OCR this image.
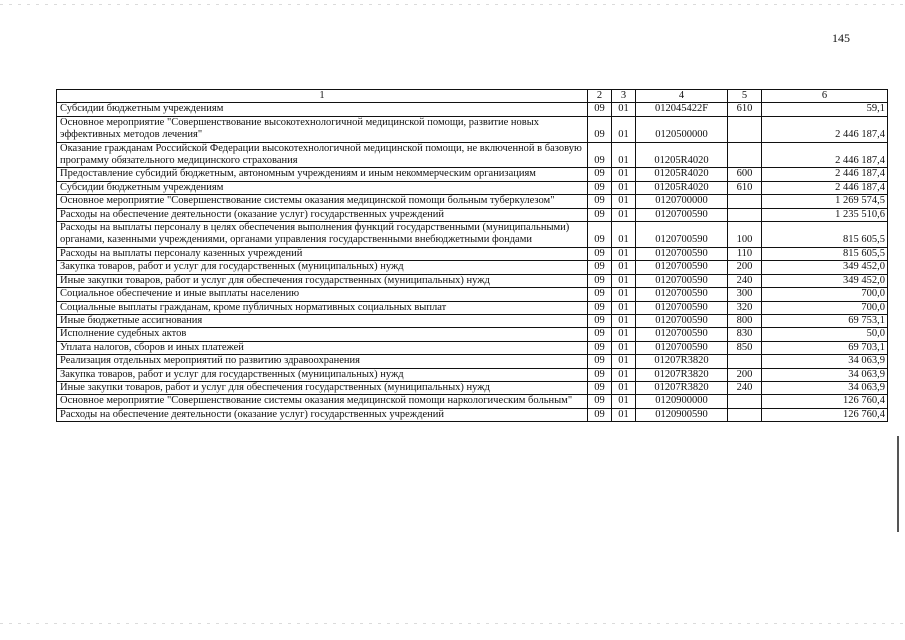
145
1	2	3	4	5	6
Субсидии бюджетным учреждениям	09	01	012045422F	610	59,1
Основное мероприятие "Совершенствование высокотехнологичной медицинской помощи, развитие новых эффективных методов лечения"	09	01	0120500000		2 446 187,4
Оказание гражданам Российской Федерации высокотехнологичной медицинской помощи, не включенной в базовую программу обязательного медицинского страхования	09	01	01205R4020		2 446 187,4
Предоставление субсидий бюджетным, автономным учреждениям и иным некоммерческим организациям	09	01	01205R4020	600	2 446 187,4
Субсидии бюджетным учреждениям	09	01	01205R4020	610	2 446 187,4
Основное мероприятие "Совершенствование системы оказания медицинской помощи больным туберкулезом"	09	01	0120700000		1 269 574,5
Расходы на обеспечение деятельности (оказание услуг) государственных учреждений	09	01	0120700590		1 235 510,6
Расходы на выплаты персоналу в целях обеспечения выполнения функций государственными (муниципальными) органами, казенными учреждениями, органами управления государственными внебюджетными фондами	09	01	0120700590	100	815 605,5
Расходы на выплаты персоналу казенных учреждений	09	01	0120700590	110	815 605,5
Закупка товаров, работ и услуг для государственных (муниципальных) нужд	09	01	0120700590	200	349 452,0
Иные закупки товаров, работ и услуг для обеспечения государственных (муниципальных) нужд	09	01	0120700590	240	349 452,0
Социальное обеспечение и иные выплаты населению	09	01	0120700590	300	700,0
Социальные выплаты гражданам, кроме публичных нормативных социальных выплат	09	01	0120700590	320	700,0
Иные бюджетные ассигнования	09	01	0120700590	800	69 753,1
Исполнение судебных актов	09	01	0120700590	830	50,0
Уплата налогов, сборов и иных платежей	09	01	0120700590	850	69 703,1
Реализация отдельных мероприятий по развитию здравоохранения	09	01	01207R3820		34 063,9
Закупка товаров, работ и услуг для государственных (муниципальных) нужд	09	01	01207R3820	200	34 063,9
Иные закупки товаров, работ и услуг для обеспечения государственных (муниципальных) нужд	09	01	01207R3820	240	34 063,9
Основное мероприятие "Совершенствование системы оказания медицинской помощи наркологическим больным"	09	01	0120900000		126 760,4
Расходы на обеспечение деятельности (оказание услуг) государственных учреждений	09	01	0120900590		126 760,4
